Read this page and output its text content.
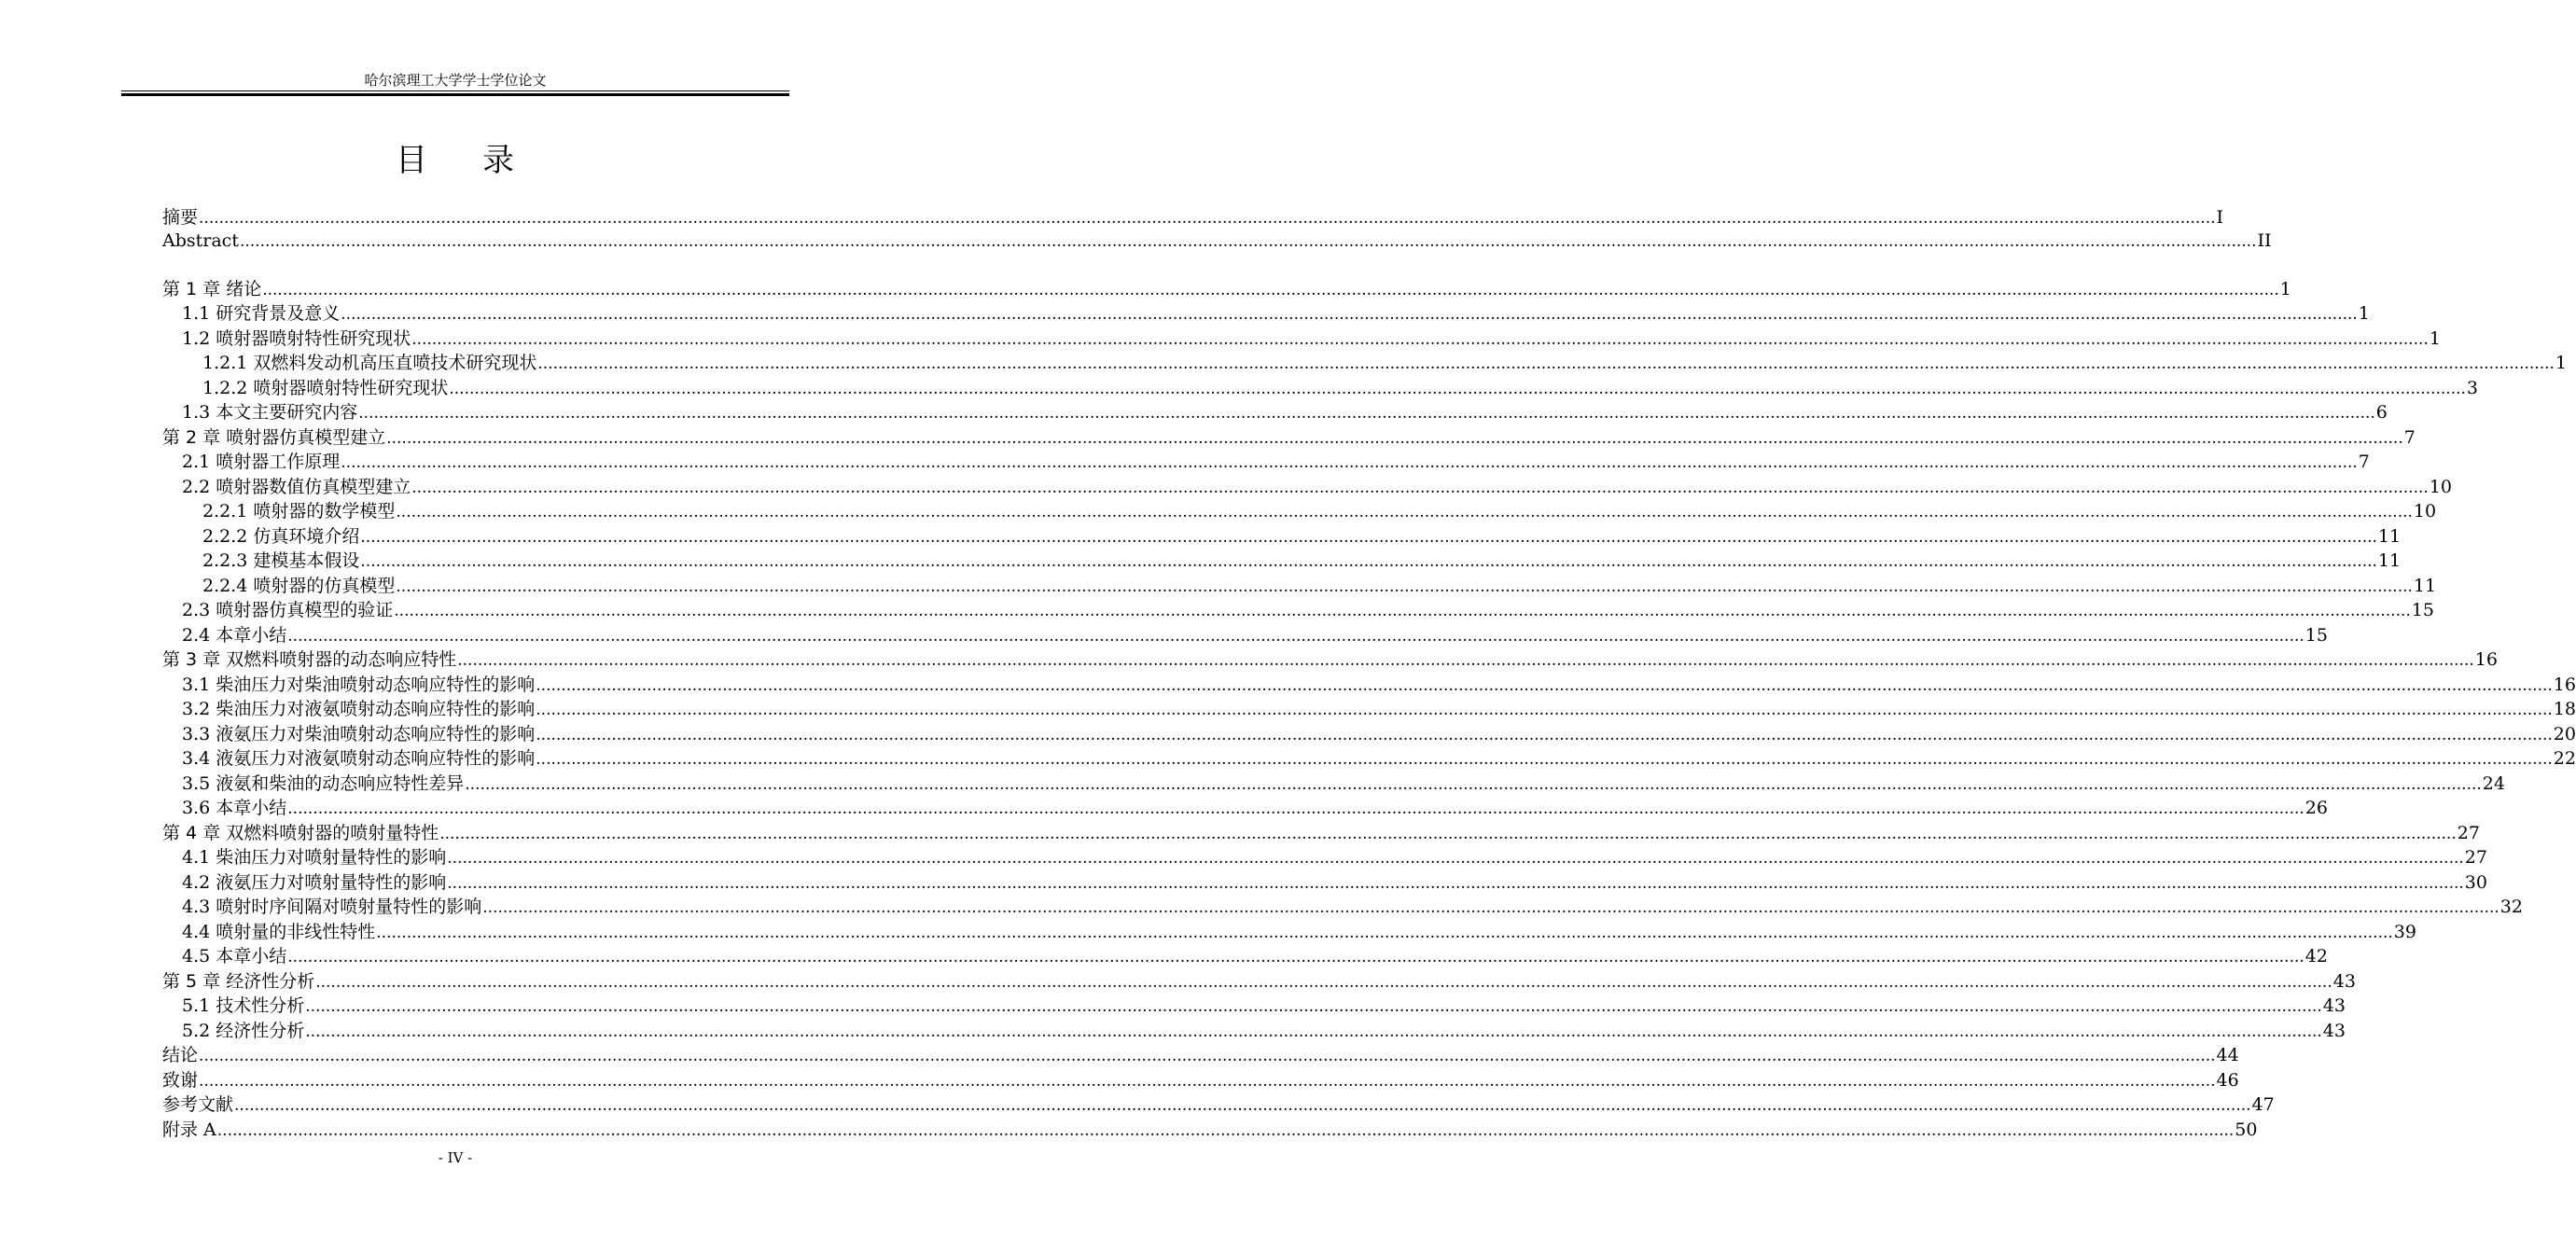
哈尔滨理工大学学士学位论文
目 录
摘要 ................................................................................................................................................................................................................................................................................................................................................................................................................ I
Abstract ................................................................................................................................................................................................................................................................................................................................................................................................................ II
第 1 章 绪论 ................................................................................................................................................................................................................................................................................................................................................................................................................ 1
1.1 研究背景及意义 ................................................................................................................................................................................................................................................................................................................................................................................................................ 1
1.2 喷射器喷射特性研究现状 ................................................................................................................................................................................................................................................................................................................................................................................................................ 1
1.2.1 双燃料发动机高压直喷技术研究现状 ................................................................................................................................................................................................................................................................................................................................................................................................................ 1
1.2.2 喷射器喷射特性研究现状 ................................................................................................................................................................................................................................................................................................................................................................................................................ 3
1.3 本文主要研究内容 ................................................................................................................................................................................................................................................................................................................................................................................................................ 6
第 2 章 喷射器仿真模型建立 ................................................................................................................................................................................................................................................................................................................................................................................................................ 7
2.1 喷射器工作原理 ................................................................................................................................................................................................................................................................................................................................................................................................................ 7
2.2 喷射器数值仿真模型建立 ................................................................................................................................................................................................................................................................................................................................................................................................................ 10
2.2.1 喷射器的数学模型 ................................................................................................................................................................................................................................................................................................................................................................................................................ 10
2.2.2 仿真环境介绍 ................................................................................................................................................................................................................................................................................................................................................................................................................ 11
2.2.3 建模基本假设 ................................................................................................................................................................................................................................................................................................................................................................................................................ 11
2.2.4 喷射器的仿真模型 ................................................................................................................................................................................................................................................................................................................................................................................................................ 11
2.3 喷射器仿真模型的验证 ................................................................................................................................................................................................................................................................................................................................................................................................................ 15
2.4 本章小结 ................................................................................................................................................................................................................................................................................................................................................................................................................ 15
第 3 章 双燃料喷射器的动态响应特性 ................................................................................................................................................................................................................................................................................................................................................................................................................ 16
3.1 柴油压力对柴油喷射动态响应特性的影响 ................................................................................................................................................................................................................................................................................................................................................................................................................ 16
3.2 柴油压力对液氨喷射动态响应特性的影响 ................................................................................................................................................................................................................................................................................................................................................................................................................ 18
3.3 液氨压力对柴油喷射动态响应特性的影响 ................................................................................................................................................................................................................................................................................................................................................................................................................ 20
3.4 液氨压力对液氨喷射动态响应特性的影响 ................................................................................................................................................................................................................................................................................................................................................................................................................ 22
3.5 液氨和柴油的动态响应特性差异 ................................................................................................................................................................................................................................................................................................................................................................................................................ 24
3.6 本章小结 ................................................................................................................................................................................................................................................................................................................................................................................................................ 26
第 4 章 双燃料喷射器的喷射量特性 ................................................................................................................................................................................................................................................................................................................................................................................................................ 27
4.1 柴油压力对喷射量特性的影响 ................................................................................................................................................................................................................................................................................................................................................................................................................ 27
4.2 液氨压力对喷射量特性的影响 ................................................................................................................................................................................................................................................................................................................................................................................................................ 30
4.3 喷射时序间隔对喷射量特性的影响 ................................................................................................................................................................................................................................................................................................................................................................................................................ 32
4.4 喷射量的非线性特性 ................................................................................................................................................................................................................................................................................................................................................................................................................ 39
4.5 本章小结 ................................................................................................................................................................................................................................................................................................................................................................................................................ 42
第 5 章 经济性分析 ................................................................................................................................................................................................................................................................................................................................................................................................................ 43
5.1 技术性分析 ................................................................................................................................................................................................................................................................................................................................................................................................................ 43
5.2 经济性分析 ................................................................................................................................................................................................................................................................................................................................................................................................................ 43
结论 ................................................................................................................................................................................................................................................................................................................................................................................................................ 44
致谢 ................................................................................................................................................................................................................................................................................................................................................................................................................ 46
参考文献 ................................................................................................................................................................................................................................................................................................................................................................................................................ 47
附录 A ................................................................................................................................................................................................................................................................................................................................................................................................................ 50
- IV -
